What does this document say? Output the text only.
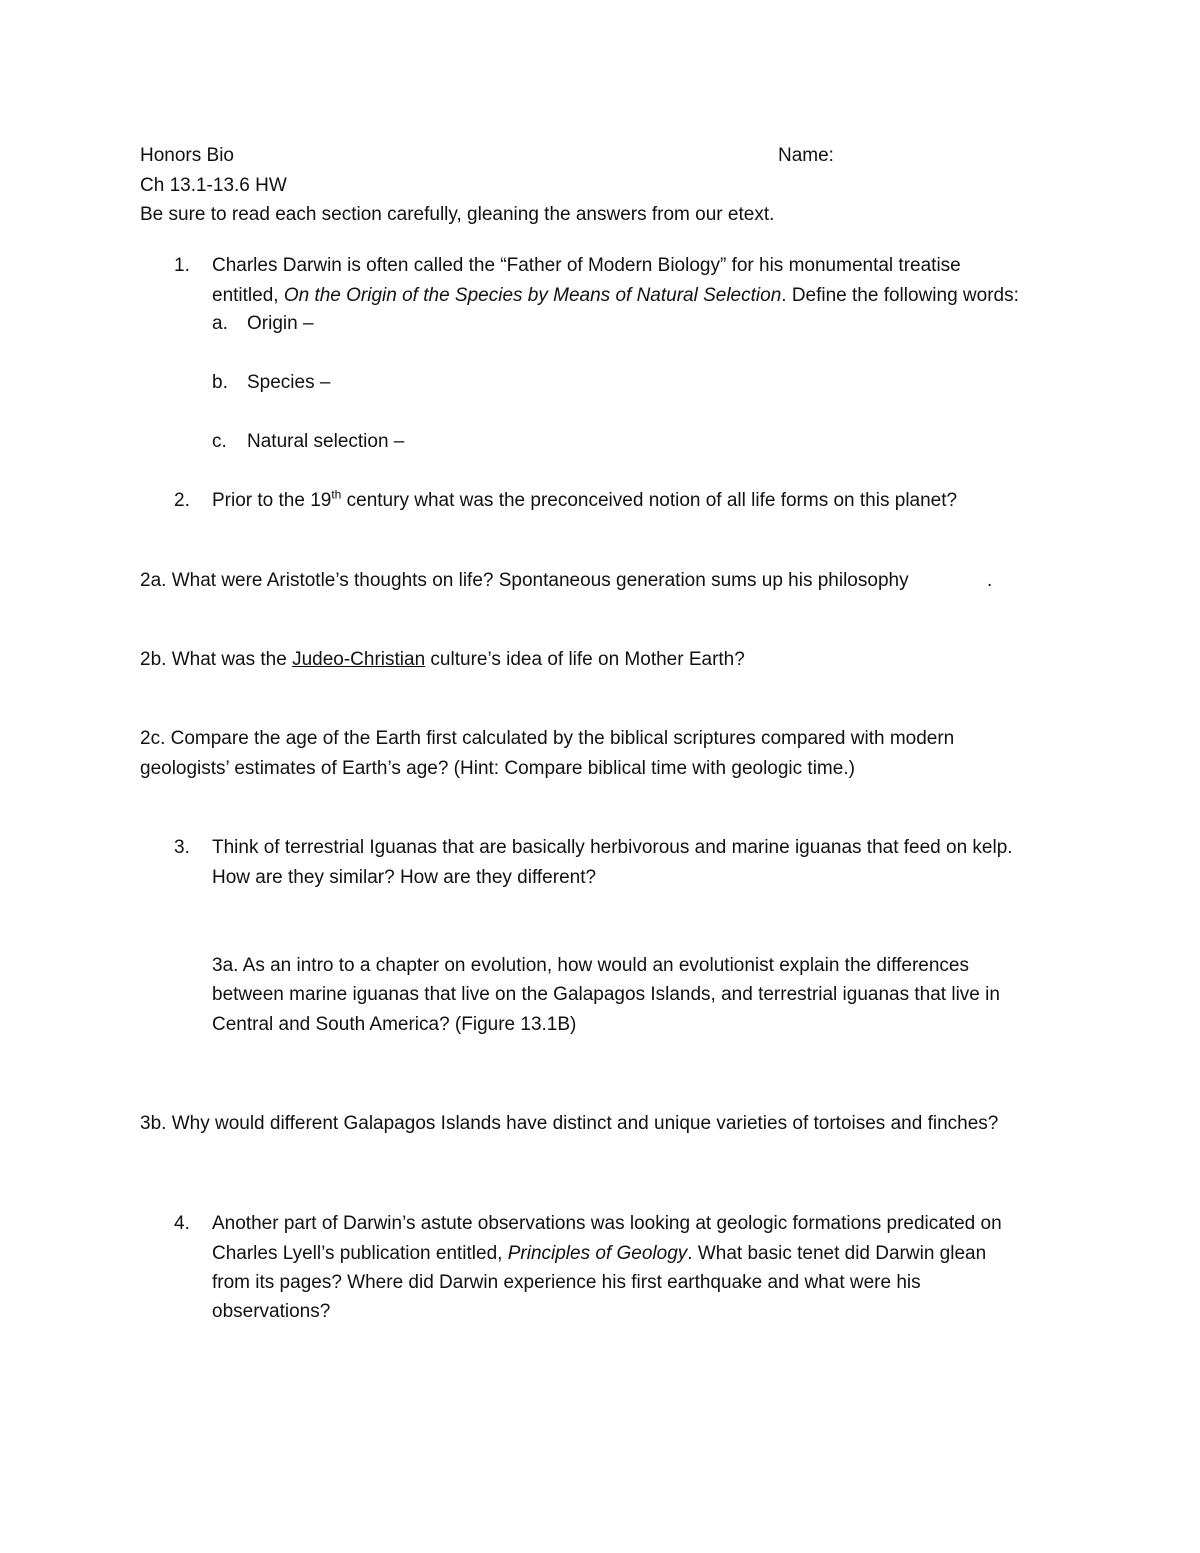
Honors Bio	Name:
Ch 13.1-13.6 HW
Be sure to read each section carefully, gleaning the answers from our etext.
1. Charles Darwin is often called the “Father of Modern Biology” for his monumental treatise
entitled, On the Origin of the Species by Means of Natural Selection. Define the following words:
a. Origin –
b. Species –
c. Natural selection –
2. Prior to the 19th century what was the preconceived notion of all life forms on this planet?
2a. What were Aristotle’s thoughts on life? Spontaneous generation sums up his philosophy	.
2b. What was the Judeo-Christian culture’s idea of life on Mother Earth?
2c. Compare the age of the Earth first calculated by the biblical scriptures compared with modern
geologists’ estimates of Earth’s age? (Hint: Compare biblical time with geologic time.)
3. Think of terrestrial Iguanas that are basically herbivorous and marine iguanas that feed on kelp.
How are they similar? How are they different?
3a. As an intro to a chapter on evolution, how would an evolutionist explain the differences
between marine iguanas that live on the Galapagos Islands, and terrestrial iguanas that live in
Central and South America? (Figure 13.1B)
3b. Why would different Galapagos Islands have distinct and unique varieties of tortoises and finches?
4. Another part of Darwin’s astute observations was looking at geologic formations predicated on
Charles Lyell’s publication entitled, Principles of Geology. What basic tenet did Darwin glean
from its pages? Where did Darwin experience his first earthquake and what were his
observations?
